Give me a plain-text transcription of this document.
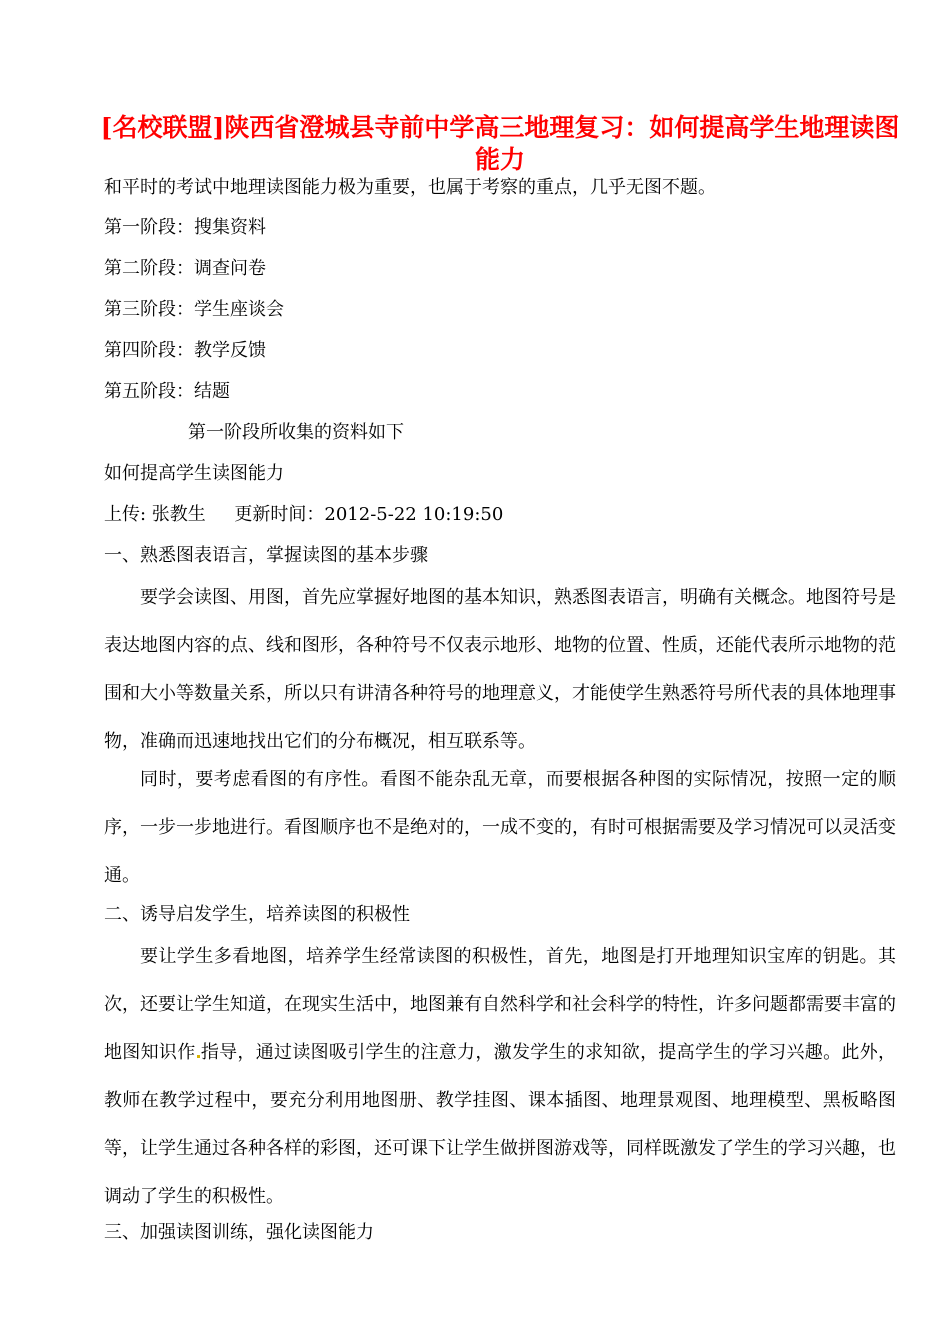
[名校联盟]陕西省澄城县寺前中学高三地理复习：如何提高学生地理读图能力

和平时的考试中地理读图能力极为重要，也属于考察的重点，几乎无图不题。

第一阶段：搜集资料

第二阶段：调查问卷

第三阶段：学生座谈会

第四阶段：教学反馈

第五阶段：结题

第一阶段所收集的资料如下

如何提高学生读图能力

上传: 张教生     更新时间：2012-5-22 10:19:50

一、熟悉图表语言，掌握读图的基本步骤

要学会读图、用图，首先应掌握好地图的基本知识，熟悉图表语言，明确有关概念。地图符号是表达地图内容的点、线和图形，各种符号不仅表示地形、地物的位置、性质，还能代表所示地物的范围和大小等数量关系，所以只有讲清各种符号的地理意义，才能使学生熟悉符号所代表的具体地理事物，准确而迅速地找出它们的分布概况，相互联系等。

同时，要考虑看图的有序性。看图不能杂乱无章，而要根据各种图的实际情况，按照一定的顺序，一步一步地进行。看图顺序也不是绝对的，一成不变的，有时可根据需要及学习情况可以灵活变通。

二、诱导启发学生，培养读图的积极性

要让学生多看地图，培养学生经常读图的积极性，首先，地图是打开地理知识宝库的钥匙。其次，还要让学生知道，在现实生活中，地图兼有自然科学和社会科学的特性，许多问题都需要丰富的地图知识作 指导，通过读图吸引学生的注意力，激发学生的求知欲，提高学生的学习兴趣。此外，教师在教学过程中，要充分利用地图册、教学挂图、课本插图、地理景观图、地理模型、黑板略图等，让学生通过各种各样的彩图，还可课下让学生做拼图游戏等，同样既激发了学生的学习兴趣，也调动了学生的积极性。

三、加强读图训练，强化读图能力
